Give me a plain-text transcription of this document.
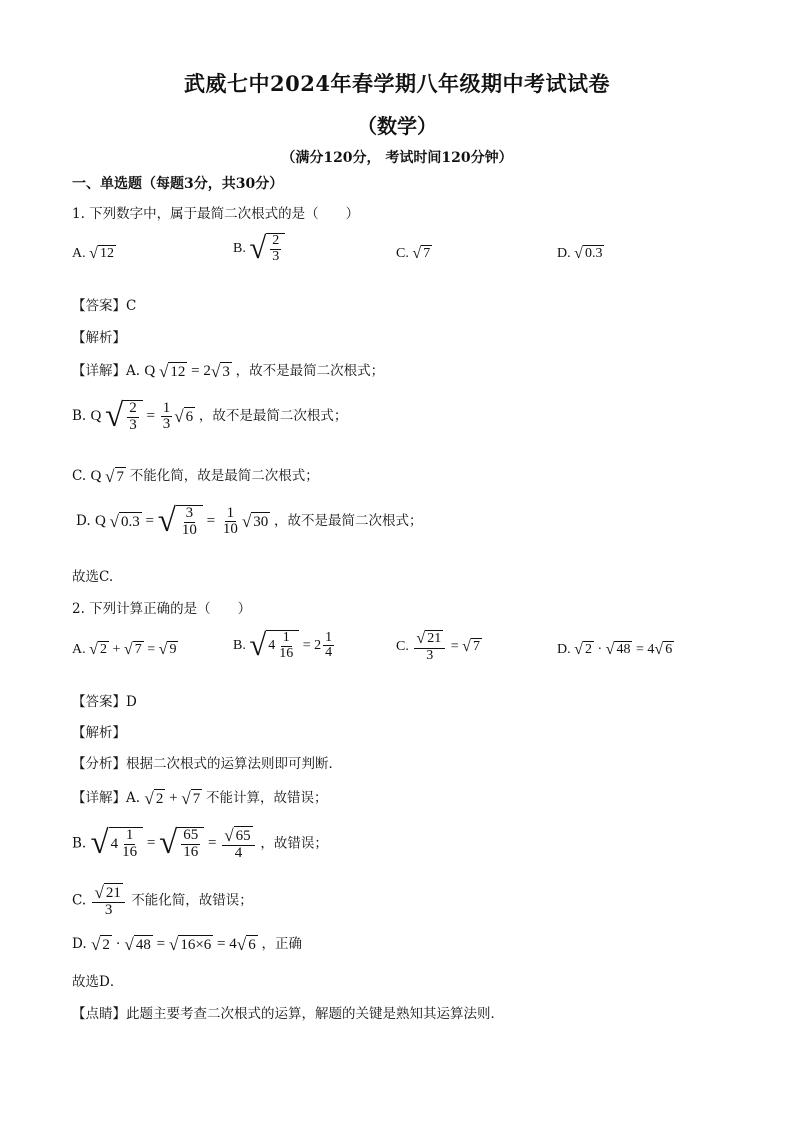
武威七中2024年春学期八年级期中考试试卷
（数学）
（满分120分， 考试时间120分钟）
一、单选题（每题3分，共30分）
1. 下列数字中，属于最简二次根式的是（　　）
A. √ 12	B. √ 2
3	C. √ 7	D. √ 0.3
【答案】C
【解析】
【详解】A. Q √ 12 = 2 √ 3 ，故不是最简二次根式；
B. Q √ 2
3
= $\frac{1}{3}$ √ 6 ，故不是最简二次根式；
C. Q √ 7 不能化简，故是最简二次根式；
D. Q √ 0.3 = √ 3
10
= $\frac{1}{10}$ √ 30 ，故不是最简二次根式；
故选C.
2. 下列计算正确的是（　　）
A. √ 2 + √ 7 = √ 9	B. √ 4
1
16
= $2 \frac{1}{4}$	C. $\frac{√ 21}{3}$ = √ 7	D. √ 2 · √ 48 = 4 √ 6
【答案】D
【解析】
【分析】根据二次根式的运算法则即可判断．
【详解】A. √ 2 + √ 7 不能计算，故错误；
B. √ 4
1
16
= √ 65
16
= $\frac{√ 65}{4}$ ，故错误；
C. $\frac{√ 21}{3}$ 不能化简，故错误；
D. √ 2 · √ 48 = √ 16×6 = 4 √ 6 ，正确
故选D．
【点睛】此题主要考查二次根式的运算，解题的关键是熟知其运算法则．
